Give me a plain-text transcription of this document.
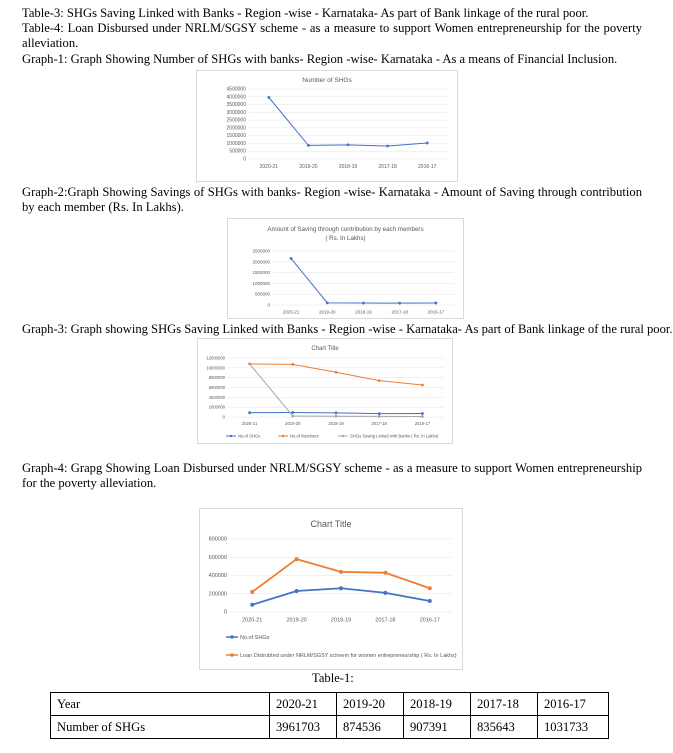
Table-3: SHGs Saving Linked with Banks - Region -wise - Karnataka- As part of Bank linkage of the rural poor.
Table-4: Loan Disbursed under NRLM/SGSY scheme - as a measure to support Women entrepreneurship for the poverty alleviation.
Graph-1: Graph Showing Number of SHGs with banks- Region -wise- Karnataka - As a means of Financial Inclusion.
Number of SHGs
4500000
4000000
3500000
3000000
2500000
2000000
1500000
1000000
500000
0
2020-21	2019-20	2018-19	2017-18	2016-17
Graph-2:Graph Showing Savings of SHGs with banks- Region -wise- Karnataka - Amount of Saving through contribution by each member (Rs. In Lakhs).
Amount of Saving through contribution by each members
( Rs. In Lakhs)
2500000
2000000
1500000
1000000
500000
0
2020-21	2019-20	2018-19	2017-18	2016-17
Graph-3: Graph showing SHGs Saving Linked with Banks - Region -wise - Karnataka- As part of Bank linkage of the rural poor.
Chart Title
12000000
10000000
8000000
6000000
4000000
2000000
0
2020-21	2019-20	2018-19	2017-18	2016-17
No.of SHGs	No.of Members	SHGs Saving Linked with Banks ( Rs. In Lakhs)
Graph-4: Grapg Showing Loan Disbursed under NRLM/SGSY scheme - as a measure to support Women entrepreneurship for the poverty alleviation.
Chart Title
800000
600000
400000
200000
0
2020-21	2019-20	2018-19	2017-18	2016-17
No.of SHGs
Loan Distrubted under NRLM/SGSY scheem for women entrepreneurship ( Rs. In Lakhs)
Table-1:
Year	2020-21	2019-20	2018-19	2017-18	2016-17
Number of SHGs	3961703	874536	907391	835643	1031733
